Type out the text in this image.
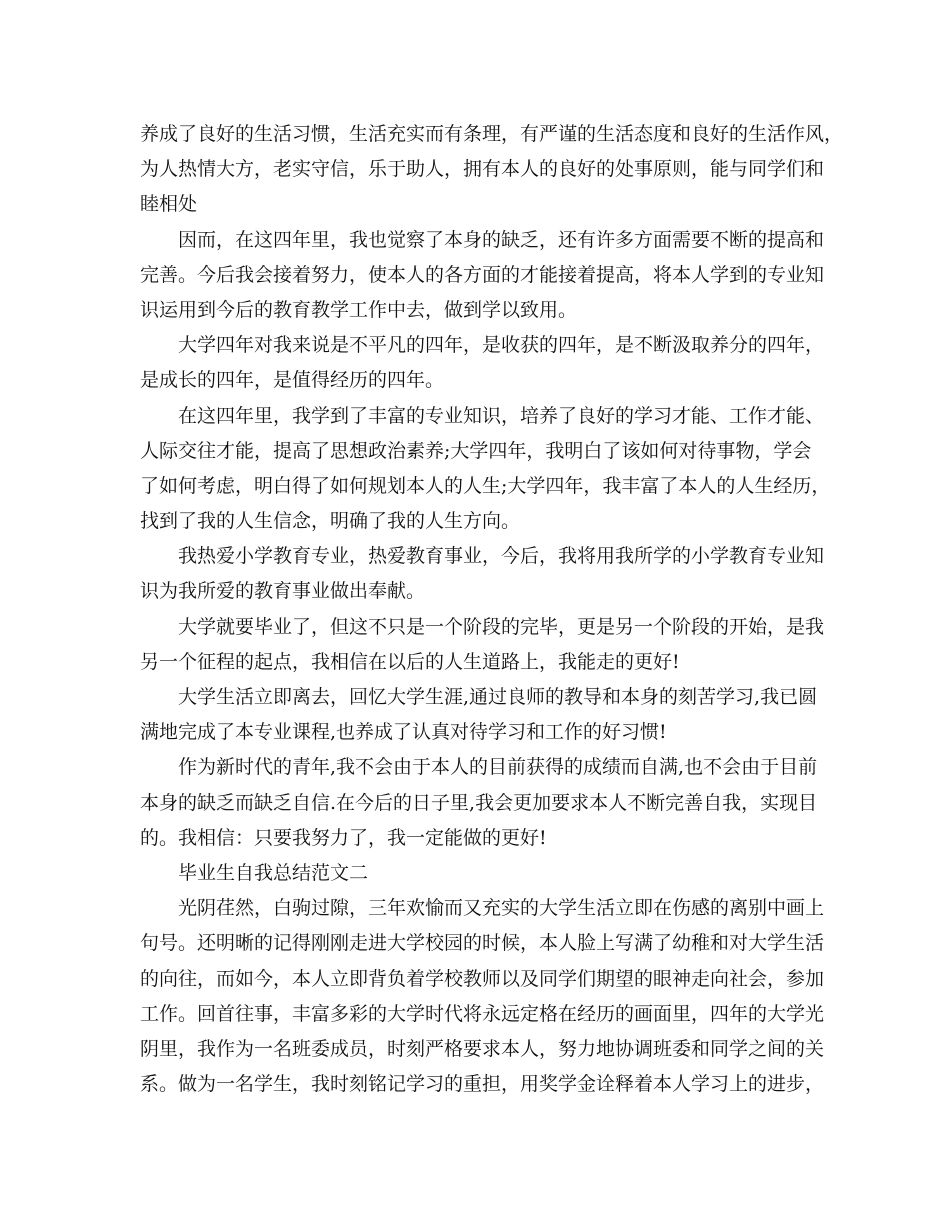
养成了良好的生活习惯，生活充实而有条理，有严谨的生活态度和良好的生活作风，
为人热情大方，老实守信，乐于助人，拥有本人的良好的处事原则，能与同学们和
睦相处
因而，在这四年里，我也觉察了本身的缺乏，还有许多方面需要不断的提高和
完善。今后我会接着努力，使本人的各方面的才能接着提高，将本人学到的专业知
识运用到今后的教育教学工作中去，做到学以致用。
大学四年对我来说是不平凡的四年，是收获的四年，是不断汲取养分的四年，
是成长的四年，是值得经历的四年。
在这四年里，我学到了丰富的专业知识，培养了良好的学习才能、工作才能、
人际交往才能，提高了思想政治素养;大学四年，我明白了该如何对待事物，学会
了如何考虑，明白得了如何规划本人的人生;大学四年，我丰富了本人的人生经历，
找到了我的人生信念，明确了我的人生方向。
我热爱小学教育专业，热爱教育事业，今后，我将用我所学的小学教育专业知
识为我所爱的教育事业做出奉献。
大学就要毕业了，但这不只是一个阶段的完毕，更是另一个阶段的开始，是我
另一个征程的起点，我相信在以后的人生道路上，我能走的更好!
大学生活立即离去，回忆大学生涯,通过良师的教导和本身的刻苦学习,我已圆
满地完成了本专业课程,也养成了认真对待学习和工作的好习惯!
作为新时代的青年,我不会由于本人的目前获得的成绩而自满,也不会由于目前
本身的缺乏而缺乏自信.在今后的日子里,我会更加要求本人不断完善自我，实现目
的。我相信：只要我努力了，我一定能做的更好!
毕业生自我总结范文二
光阴荏然，白驹过隙，三年欢愉而又充实的大学生活立即在伤感的离别中画上
句号。还明晰的记得刚刚走进大学校园的时候，本人脸上写满了幼稚和对大学生活
的向往，而如今，本人立即背负着学校教师以及同学们期望的眼神走向社会，参加
工作。回首往事，丰富多彩的大学时代将永远定格在经历的画面里，四年的大学光
阴里，我作为一名班委成员，时刻严格要求本人，努力地协调班委和同学之间的关
系。做为一名学生，我时刻铭记学习的重担，用奖学金诠释着本人学习上的进步，
